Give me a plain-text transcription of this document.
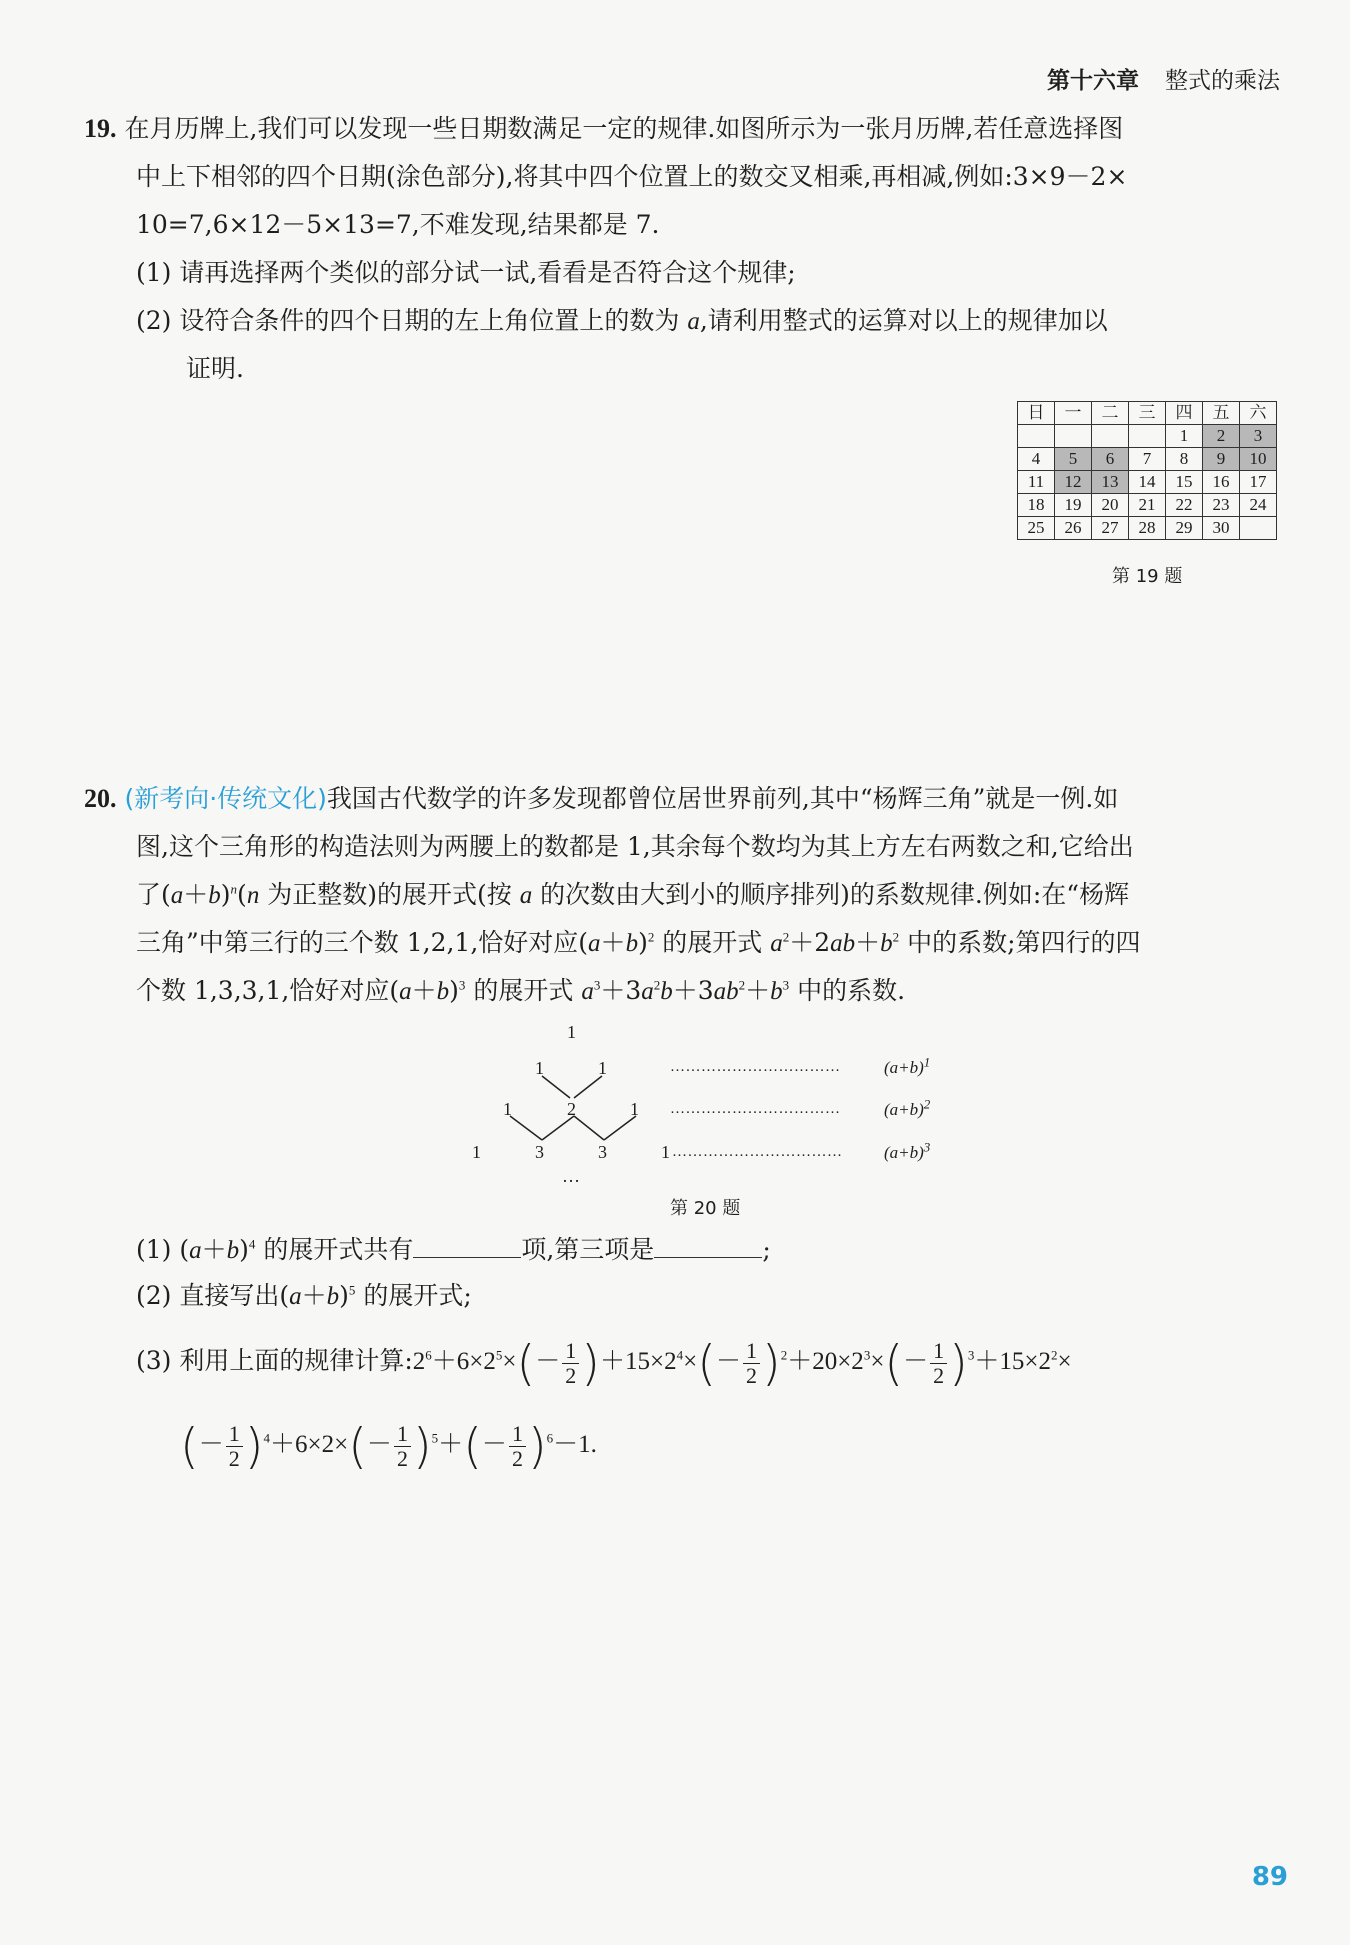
第十六章 整式的乘法
19. 在月历牌上,我们可以发现一些日期数满足一定的规律.如图所示为一张月历牌,若任意选择图
中上下相邻的四个日期(涂色部分),将其中四个位置上的数交叉相乘,再相减,例如:3×9－2×
10=7,6×12－5×13=7,不难发现,结果都是 7.
(1) 请再选择两个类似的部分试一试,看看是否符合这个规律;
(2) 设符合条件的四个日期的左上角位置上的数为 a,请利用整式的运算对以上的规律加以
证明.
日	一	二	三	四	五	六
				1	2	3
4	5	6	7	8	9	10
11	12	13	14	15	16	17
18	19	20	21	22	23	24
25	26	27	28	29	30	
第 19 题
20. (新考向·传统文化)我国古代数学的许多发现都曾位居世界前列,其中“杨辉三角”就是一例.如
图,这个三角形的构造法则为两腰上的数都是 1,其余每个数均为其上方左右两数之和,它给出
了$(a+b)^n(n$ 为正整数)的展开式(按 a 的次数由大到小的顺序排列)的系数规律.例如:在“杨辉
三角”中第三行的三个数 1,2,1,恰好对应$(a+b)^2$ 的展开式 $a^2+2ab+b^2$ 中的系数;第四行的四
个数 1,3,3,1,恰好对应$(a+b)^3$ 的展开式 $a^3+3a^2b+3ab^2+b^3$ 中的系数.
1
1	1
1	2	1
1	3	3	1
…
……………………………
……………………………
……………………………
$(a+b)^1$
$(a+b)^2$
$(a+b)^3$
第 20 题
(1) $(a+b)^4$ 的展开式共有	项,第三项是	;
(2) 直接写出$(a+b)^5$ 的展开式;
(3) 利用上面的规律计算$:2^6+6\times 2^5\times(- \frac{1}{2} )+15\times 2^4\times(- \frac{1}{2} )^2+20\times 2^3\times(- \frac{1}{2} )^3+15\times 2^2\times$
(－ $\frac{1}{2} )^4+6\times 2\times(- \frac{1}{2} )^5+(- \frac{1}{2} )^6-1$.
89
